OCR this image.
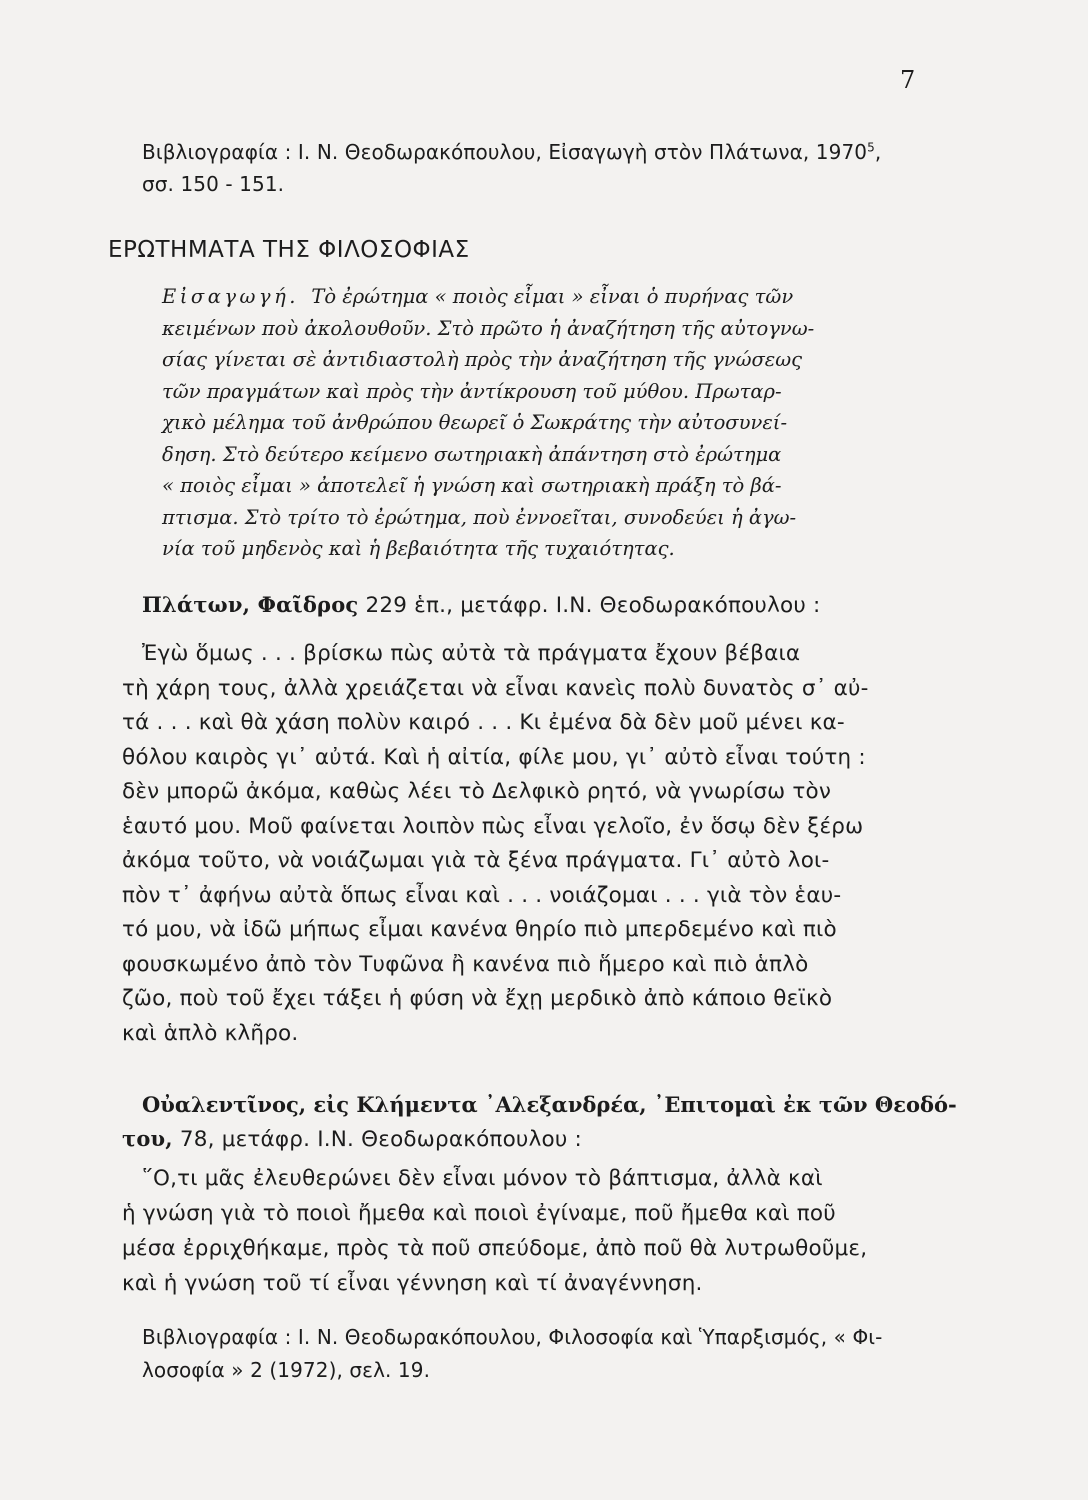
7
Βιβλιογραφία : Ι. Ν. Θεοδωρακόπουλου, Εἰσαγωγὴ στὸν Πλάτωνα, 1970$^5$,
σσ. 150 - 151.
ΕΡΩΤΗΜΑΤΑ ΤΗΣ ΦΙΛΟΣΟΦΙΑΣ
Εἰσαγωγή. Τὸ ἐρώτημα « ποιὸς εἶμαι » εἶναι ὁ πυρήνας τῶν
κειμένων ποὺ ἀκολουθοῦν. Στὸ πρῶτο ἡ ἀναζήτηση τῆς αὐτογνω-
σίας γίνεται σὲ ἀντιδιαστολὴ πρὸς τὴν ἀναζήτηση τῆς γνώσεως
τῶν πραγμάτων καὶ πρὸς τὴν ἀντίκρουση τοῦ μύθου. Πρωταρ-
χικὸ μέλημα τοῦ ἀνθρώπου θεωρεῖ ὁ Σωκράτης τὴν αὐτοσυνεί-
δηση. Στὸ δεύτερο κείμενο σωτηριακὴ ἀπάντηση στὸ ἐρώτημα
« ποιὸς εἶμαι » ἀποτελεῖ ἡ γνώση καὶ σωτηριακὴ πράξη τὸ βά-
πτισμα. Στὸ τρίτο τὸ ἐρώτημα, ποὺ ἐννοεῖται, συνοδεύει ἡ ἀγω-
νία τοῦ μηδενὸς καὶ ἡ βεβαιότητα τῆς τυχαιότητας.
Πλάτων, Φαῖδρος 229 ἑπ., μετάφρ. Ι.Ν. Θεοδωρακόπουλου :
Ἐγὼ ὅμως . . . βρίσκω πὼς αὐτὰ τὰ πράγματα ἔχουν βέβαια
τὴ χάρη τους, ἀλλὰ χρειάζεται νὰ εἶναι κανεὶς πολὺ δυνατὸς σ᾿ αὐ-
τά . . . καὶ θὰ χάση πολὺν καιρό . . . Κι ἐμένα δὰ δὲν μοῦ μένει κα-
θόλου καιρὸς γι᾿ αὐτά. Καὶ ἡ αἰτία, φίλε μου, γι᾿ αὐτὸ εἶναι τούτη :
δὲν μπορῶ ἀκόμα, καθὼς λέει τὸ Δελφικὸ ρητό, νὰ γνωρίσω τὸν
ἑαυτό μου. Μοῦ φαίνεται λοιπὸν πὼς εἶναι γελοῖο, ἐν ὅσῳ δὲν ξέρω
ἀκόμα τοῦτο, νὰ νοιάζωμαι γιὰ τὰ ξένα πράγματα. Γι᾿ αὐτὸ λοι-
πὸν τ᾿ ἀφήνω αὐτὰ ὅπως εἶναι καὶ . . . νοιάζομαι . . . γιὰ τὸν ἑαυ-
τό μου, νὰ ἰδῶ μήπως εἶμαι κανένα θηρίο πιὸ μπερδεμένο καὶ πιὸ
φουσκωμένο ἀπὸ τὸν Τυφῶνα ἢ κανένα πιὸ ἥμερο καὶ πιὸ ἁπλὸ
ζῶο, ποὺ τοῦ ἔχει τάξει ἡ φύση νὰ ἔχῃ μερδικὸ ἀπὸ κάποιο θεϊκὸ
καὶ ἁπλὸ κλῆρο.
Οὐαλεντῖνος, εἰς Κλήμεντα ᾿Αλεξανδρέα, ᾿Επιτομαὶ ἐκ τῶν Θεοδό-
του, 78, μετάφρ. Ι.Ν. Θεοδωρακόπουλου :
῞Ο,τι μᾶς ἐλευθερώνει δὲν εἶναι μόνον τὸ βάπτισμα, ἀλλὰ καὶ
ἡ γνώση γιὰ τὸ ποιοὶ ἤμεθα καὶ ποιοὶ ἐγίναμε, ποῦ ἤμεθα καὶ ποῦ
μέσα ἐρριχθήκαμε, πρὸς τὰ ποῦ σπεύδομε, ἀπὸ ποῦ θὰ λυτρωθοῦμε,
καὶ ἡ γνώση τοῦ τί εἶναι γέννηση καὶ τί ἀναγέννηση.
Βιβλιογραφία : Ι. Ν. Θεοδωρακόπουλου, Φιλοσοφία καὶ Ὑπαρξισμός, « Φι-
λοσοφία » 2 (1972), σελ. 19.
